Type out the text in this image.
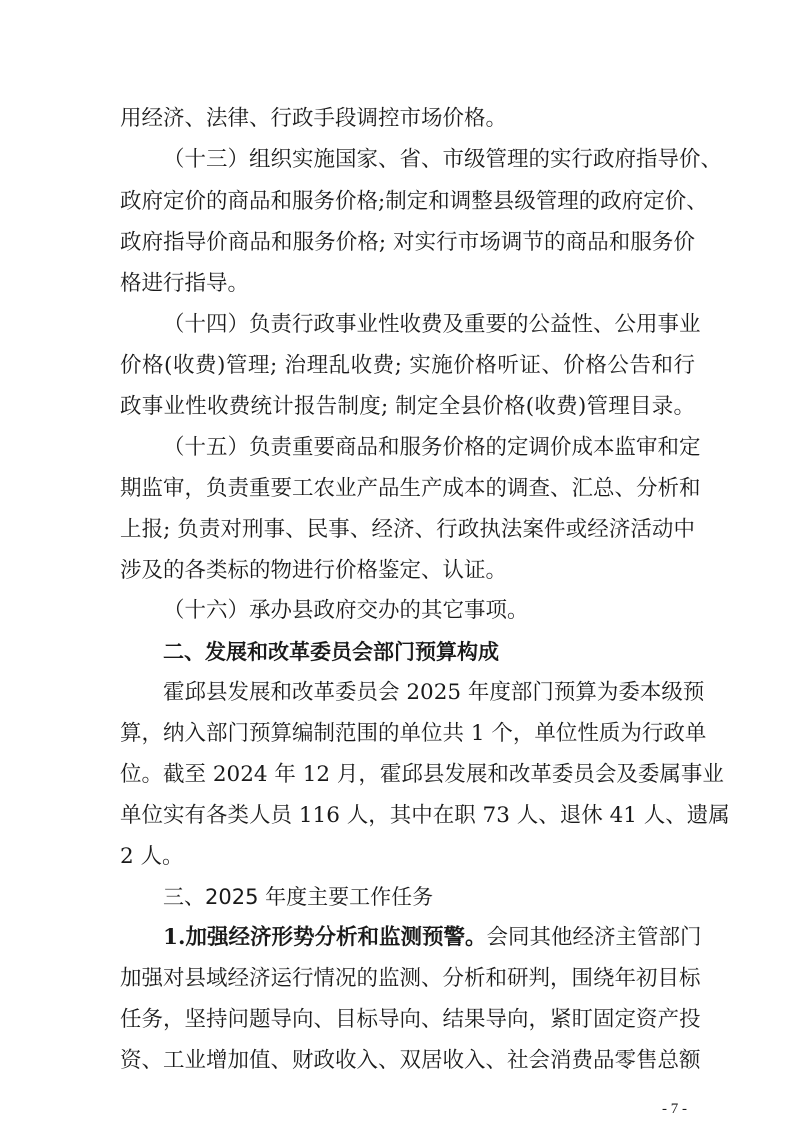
用经济、法律、行政手段调控市场价格。
（十三）组织实施国家、省、市级管理的实行政府指导价、
政府定价的商品和服务价格;制定和调整县级管理的政府定价、
政府指导价商品和服务价格; 对实行市场调节的商品和服务价
格进行指导。
（十四）负责行政事业性收费及重要的公益性、公用事业
价格(收费)管理; 治理乱收费; 实施价格听证、价格公告和行
政事业性收费统计报告制度; 制定全县价格(收费)管理目录。
（十五）负责重要商品和服务价格的定调价成本监审和定
期监审，负责重要工农业产品生产成本的调查、汇总、分析和
上报; 负责对刑事、民事、经济、行政执法案件或经济活动中
涉及的各类标的物进行价格鉴定、认证。
（十六）承办县政府交办的其它事项。
二、发展和改革委员会部门预算构成
霍邱县发展和改革委员会 2025 年度部门预算为委本级预
算，纳入部门预算编制范围的单位共 1 个，单位性质为行政单
位。截至 2024 年 12 月，霍邱县发展和改革委员会及委属事业
单位实有各类人员 116 人，其中在职 73 人、退休 41 人、遗属
2 人。
三、2025 年度主要工作任务
1.加强经济形势分析和监测预警。会同其他经济主管部门
加强对县域经济运行情况的监测、分析和研判，围绕年初目标
任务，坚持问题导向、目标导向、结果导向，紧盯固定资产投
资、工业增加值、财政收入、双居收入、社会消费品零售总额
- 7 -
